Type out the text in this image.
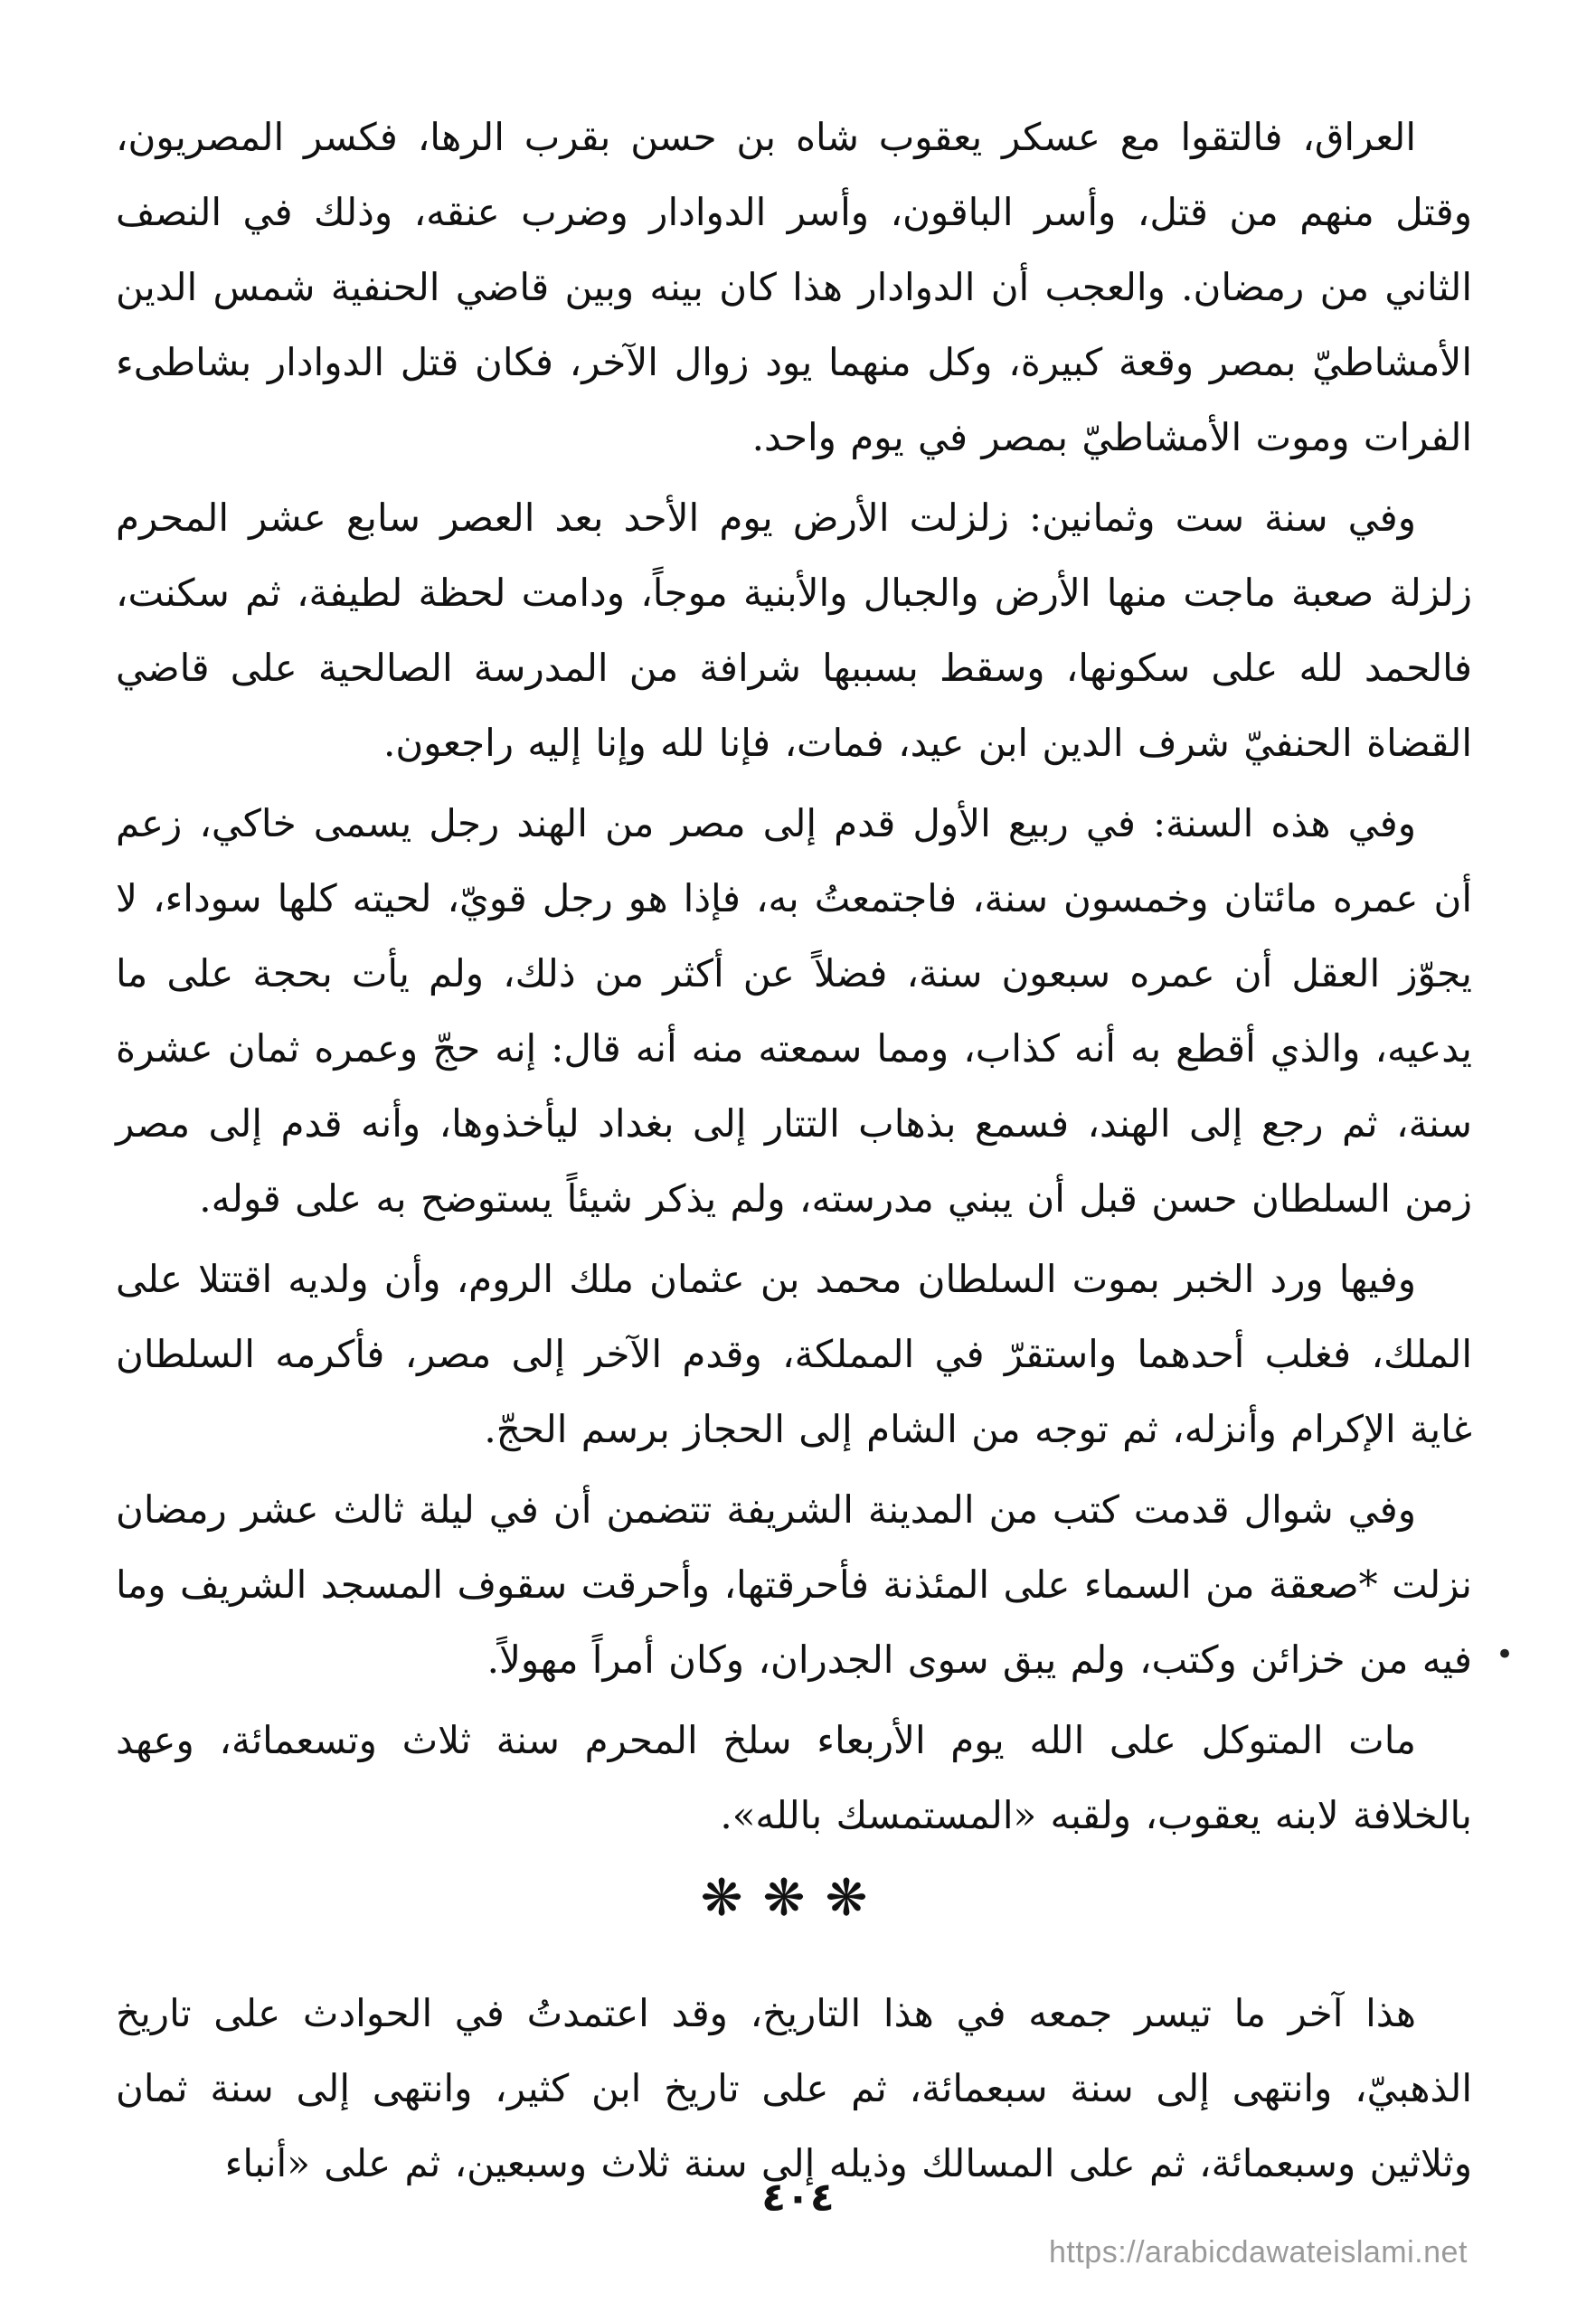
العراق، فالتقوا مع عسكر يعقوب شاه بن حسن بقرب الرها، فكسر المصريون، وقتل منهم من قتل، وأسر الباقون، وأسر الدوادار وضرب عنقه، وذلك في النصف الثاني من رمضان. والعجب أن الدوادار هذا كان بينه وبين قاضي الحنفية شمس الدين الأمشاطيّ بمصر وقعة كبيرة، وكل منهما يود زوال الآخر، فكان قتل الدوادار بشاطىء الفرات وموت الأمشاطيّ بمصر في يوم واحد.

وفي سنة ست وثمانين: زلزلت الأرض يوم الأحد بعد العصر سابع عشر المحرم زلزلة صعبة ماجت منها الأرض والجبال والأبنية موجاً، ودامت لحظة لطيفة، ثم سكنت، فالحمد لله على سكونها، وسقط بسببها شرافة من المدرسة الصالحية على قاضي القضاة الحنفيّ شرف الدين ابن عيد، فمات، فإنا لله وإنا إليه راجعون.

وفي هذه السنة: في ربيع الأول قدم إلى مصر من الهند رجل يسمى خاكي، زعم أن عمره مائتان وخمسون سنة، فاجتمعتُ به، فإذا هو رجل قويّ، لحيته كلها سوداء، لا يجوّز العقل أن عمره سبعون سنة، فضلاً عن أكثر من ذلك، ولم يأت بحجة على ما يدعيه، والذي أقطع به أنه كذاب، ومما سمعته منه أنه قال: إنه حجّ وعمره ثمان عشرة سنة، ثم رجع إلى الهند، فسمع بذهاب التتار إلى بغداد ليأخذوها، وأنه قدم إلى مصر زمن السلطان حسن قبل أن يبني مدرسته، ولم يذكر شيئاً يستوضح به على قوله.

وفيها ورد الخبر بموت السلطان محمد بن عثمان ملك الروم، وأن ولديه اقتتلا على الملك، فغلب أحدهما واستقرّ في المملكة، وقدم الآخر إلى مصر، فأكرمه السلطان غاية الإكرام وأنزله، ثم توجه من الشام إلى الحجاز برسم الحجّ.

وفي شوال قدمت كتب من المدينة الشريفة تتضمن أن في ليلة ثالث عشر رمضان نزلت *صعقة من السماء على المئذنة فأحرقتها، وأحرقت سقوف المسجد الشريف وما فيه من خزائن وكتب، ولم يبق سوى الجدران، وكان أمراً مهولاً.

مات المتوكل على الله يوم الأربعاء سلخ المحرم سنة ثلاث وتسعمائة، وعهد بالخلافة لابنه يعقوب، ولقبه «المستمسك بالله».

❋❋❋

هذا آخر ما تيسر جمعه في هذا التاريخ، وقد اعتمدتُ في الحوادث على تاريخ الذهبيّ، وانتهى إلى سنة سبعمائة، ثم على تاريخ ابن كثير، وانتهى إلى سنة ثمان وثلاثين وسبعمائة، ثم على المسالك وذيله إلى سنة ثلاث وسبعين، ثم على «أنباء

•
٤٠٤
https://arabicdawateislami.net
